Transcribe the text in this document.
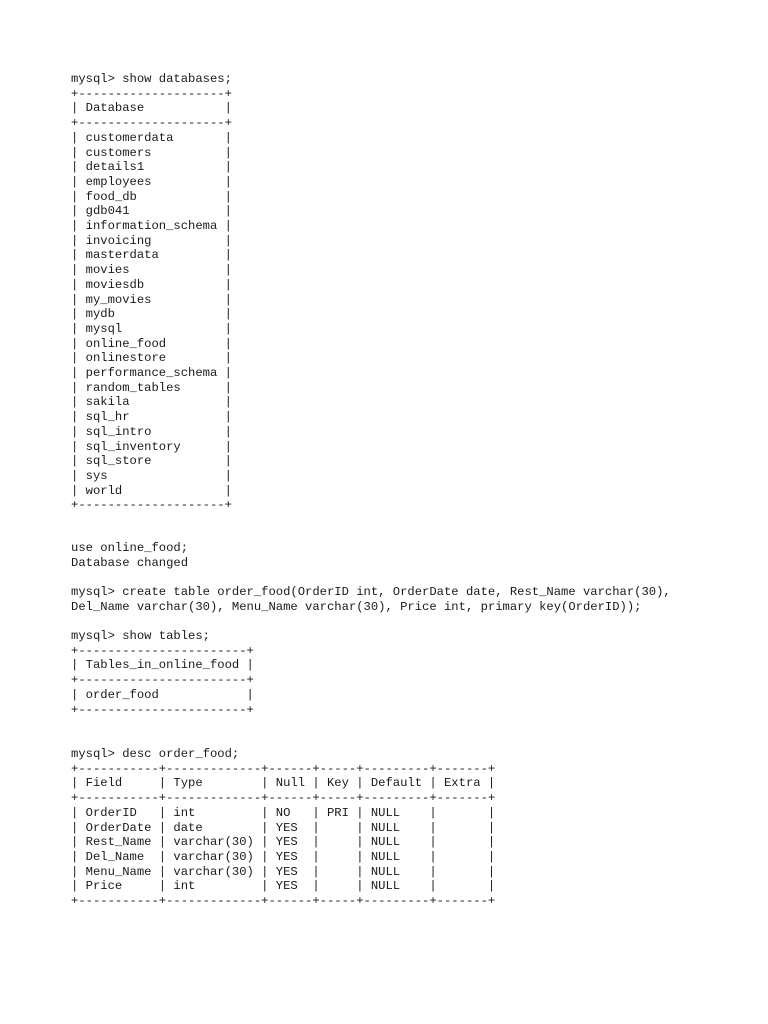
mysql> show databases;
+--------------------+
| Database           |
+--------------------+
| customerdata       |
| customers          |
| details1           |
| employees          |
| food_db            |
| gdb041             |
| information_schema |
| invoicing          |
| masterdata         |
| movies             |
| moviesdb           |
| my_movies          |
| mydb               |
| mysql              |
| online_food        |
| onlinestore        |
| performance_schema |
| random_tables      |
| sakila             |
| sql_hr             |
| sql_intro          |
| sql_inventory      |
| sql_store          |
| sys                |
| world              |
+--------------------+
use online_food;
Database changed
mysql> create table order_food(OrderID int, OrderDate date, Rest_Name varchar(30),
Del_Name varchar(30), Menu_Name varchar(30), Price int, primary key(OrderID));
mysql> show tables;
+-----------------------+
| Tables_in_online_food |
+-----------------------+
| order_food            |
+-----------------------+
mysql> desc order_food;
+-----------+-------------+------+-----+---------+-------+
| Field     | Type        | Null | Key | Default | Extra |
+-----------+-------------+------+-----+---------+-------+
| OrderID   | int         | NO   | PRI | NULL    |       |
| OrderDate | date        | YES  |     | NULL    |       |
| Rest_Name | varchar(30) | YES  |     | NULL    |       |
| Del_Name  | varchar(30) | YES  |     | NULL    |       |
| Menu_Name | varchar(30) | YES  |     | NULL    |       |
| Price     | int         | YES  |     | NULL    |       |
+-----------+-------------+------+-----+---------+-------+
